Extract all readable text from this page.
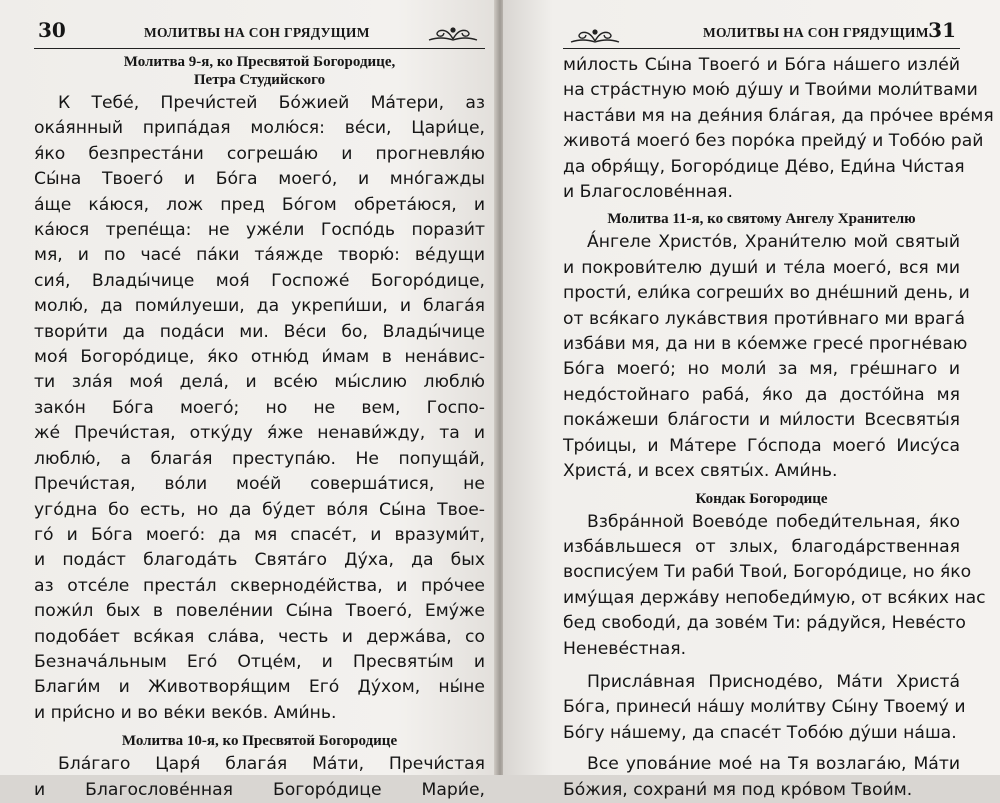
30	МОЛИТВЫ НА СОН ГРЯДУЩИМ
Молитва 9-я, ко Пресвятой Богородице,
Петра Студийского
К Тебе́, Пречи́стей Бо́жией Ма́тери, аз
ока́янный припа́дая молю́ся: ве́си, Цари́це,
я́ко безпреста́ни согреша́ю и прогневля́ю
Сы́на Твоего́ и Бо́га моего́, и мно́гажды
а́ще ка́юся, лож пред Бо́гом обрета́юся, и
ка́юся трепе́ща: не уже́ли Госпо́дь порази́т
мя, и по часе́ па́ки та́яжде творю́: ве́дущи
сия́, Влады́чице моя́ Госпоже́ Богоро́дице,
молю́, да поми́луеши, да укрепи́ши, и блага́я
твори́ти да пода́си ми. Ве́си бо, Влады́чице
моя́ Богоро́дице, я́ко отню́д и́мам в нена́вис-
ти зла́я моя́ дела́, и все́ю мы́слию люблю́
зако́н Бо́га моего́; но не вем, Госпо-
же́ Пречи́стая, отку́ду я́же ненави́жду, та и
люблю́, а блага́я преступа́ю. Не попуща́й,
Пречи́стая, во́ли мое́й соверша́тися, не
уго́дна бо есть, но да бу́дет во́ля Сы́на Твое-
го́ и Бо́га моего́: да мя спасе́т, и вразуми́т,
и пода́ст благода́ть Свята́го Ду́ха, да бых
аз отсе́ле преста́л скверноде́йства, и про́чее
пожи́л бых в повеле́нии Сы́на Твоего́, Ему́же
подоба́ет вся́кая сла́ва, честь и держа́ва, со
Безнача́льным Его́ Отце́м, и Пресвяты́м и
Благи́м и Животворя́щим Его́ Ду́хом, ны́не
и при́сно и во ве́ки веко́в. Ами́нь.
Молитва 10-я, ко Пресвятой Богородице
Бла́гаго Царя́ блага́я Ма́ти, Пречи́стая
и Благослове́нная Богоро́дице Мари́е,
МОЛИТВЫ НА СОН ГРЯДУЩИМ 31
ми́лость Сы́на Твоего́ и Бо́га на́шего изле́й
на стра́стную мою́ ду́шу и Твои́ми моли́твами
наста́ви мя на дея́ния бла́гая, да про́чее вре́мя
живота́ моего́ без поро́ка прейду́ и Тобо́ю рай
да обря́щу, Богоро́дице Де́во, Еди́на Чи́стая
и Благослове́нная.
Молитва 11-я, ко святому Ангелу Хранителю
А́нгеле Христо́в, Храни́телю мой святый
и покрови́телю души́ и те́ла моего́, вся ми
прости́, ели́ка согреши́х во дне́шний день, и
от вся́каго лука́вствия проти́внаго ми врага́
изба́ви мя, да ни в ко́емже гресе́ прогне́ваю
Бо́га моего́; но моли́ за мя, гре́шнаго и
недо́стойнаго раба́, я́ко да досто́йна мя
пока́жеши бла́гости и ми́лости Всесвяты́я
Тро́ицы, и Ма́тере Го́спода моего́ Иису́са
Христа́, и всех святы́х. Ами́нь.
Кондак Богородице
Взбра́нной Воево́де победи́тельная, я́ко
изба́вльшеся от злых, благода́рственная
воспису́ем Ти раби́ Твои́, Богоро́дице, но я́ко
иму́щая держа́ву непобеди́мую, от вся́ких нас
бед свободи́, да зове́м Ти: ра́дуйся, Неве́сто
Неневе́стная.
Присла́вная Приснодéво, Ма́ти Христа́
Бо́га, принеси́ на́шу моли́тву Сы́ну Твоему́ и
Бо́гу на́шему, да спасе́т Тобо́ю ду́ши на́ша.
Все упова́ние мое́ на Тя возлага́ю, Ма́ти
Бо́жия, сохрани́ мя под кро́вом Твои́м.
